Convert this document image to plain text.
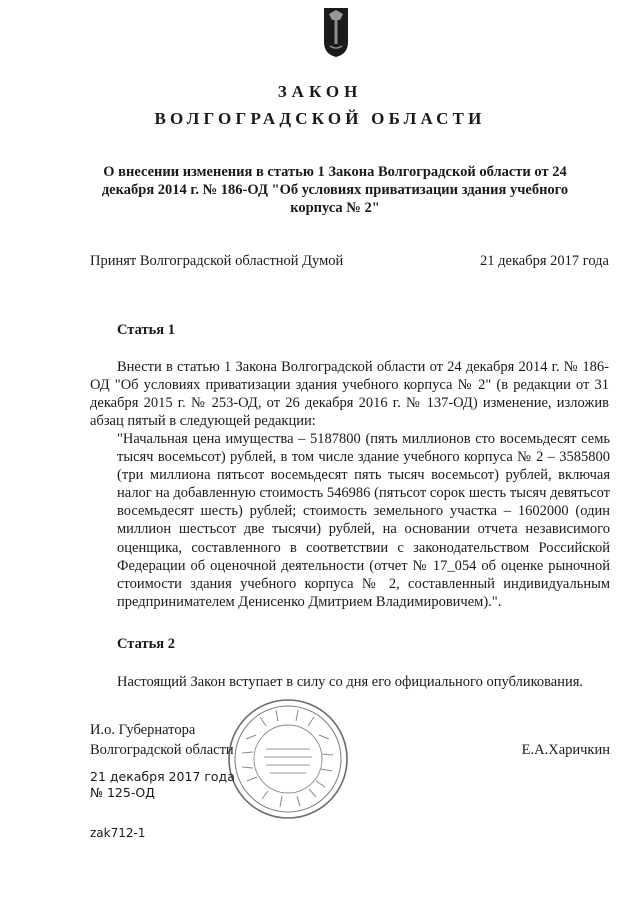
ЗАКОН
ВОЛГОГРАДСКОЙ ОБЛАСТИ
О внесении изменения в статью 1 Закона Волгоградской области от 24 декабря 2014 г. № 186-ОД "Об условиях приватизации здания учебного корпуса № 2"
Принят Волгоградской областной Думой	21 декабря 2017 года
Статья 1
Внести в статью 1 Закона Волгоградской области от 24 декабря 2014 г. № 186-ОД "Об условиях приватизации здания учебного корпуса № 2" (в редакции от 31 декабря 2015 г. № 253-ОД, от 26 декабря 2016 г. № 137-ОД) изменение, изложив абзац пятый в следующей редакции:
"Начальная цена имущества – 5187800 (пять миллионов сто восемьдесят семь тысяч восемьсот) рублей, в том числе здание учебного корпуса № 2 – 3585800 (три миллиона пятьсот восемьдесят пять тысяч восемьсот) рублей, включая налог на добавленную стоимость 546986 (пятьсот сорок шесть тысяч девятьсот восемьдесят шесть) рублей; стоимость земельного участка – 1602000 (один миллион шестьсот две тысячи) рублей, на основании отчета независимого оценщика, составленного в соответствии с законодательством Российской Федерации об оценочной деятельности (отчет № 17_054 об оценке рыночной стоимости здания учебного корпуса № 2, составленный индивидуальным предпринимателем Денисенко Дмитрием Владимировичем).".
Статья 2
Настоящий Закон вступает в силу со дня его официального опубликования.
И.о. Губернатора
Волгоградской области	Е.А.Харичкин
21 декабря 2017 года
№ 125-ОД
zak712-1
